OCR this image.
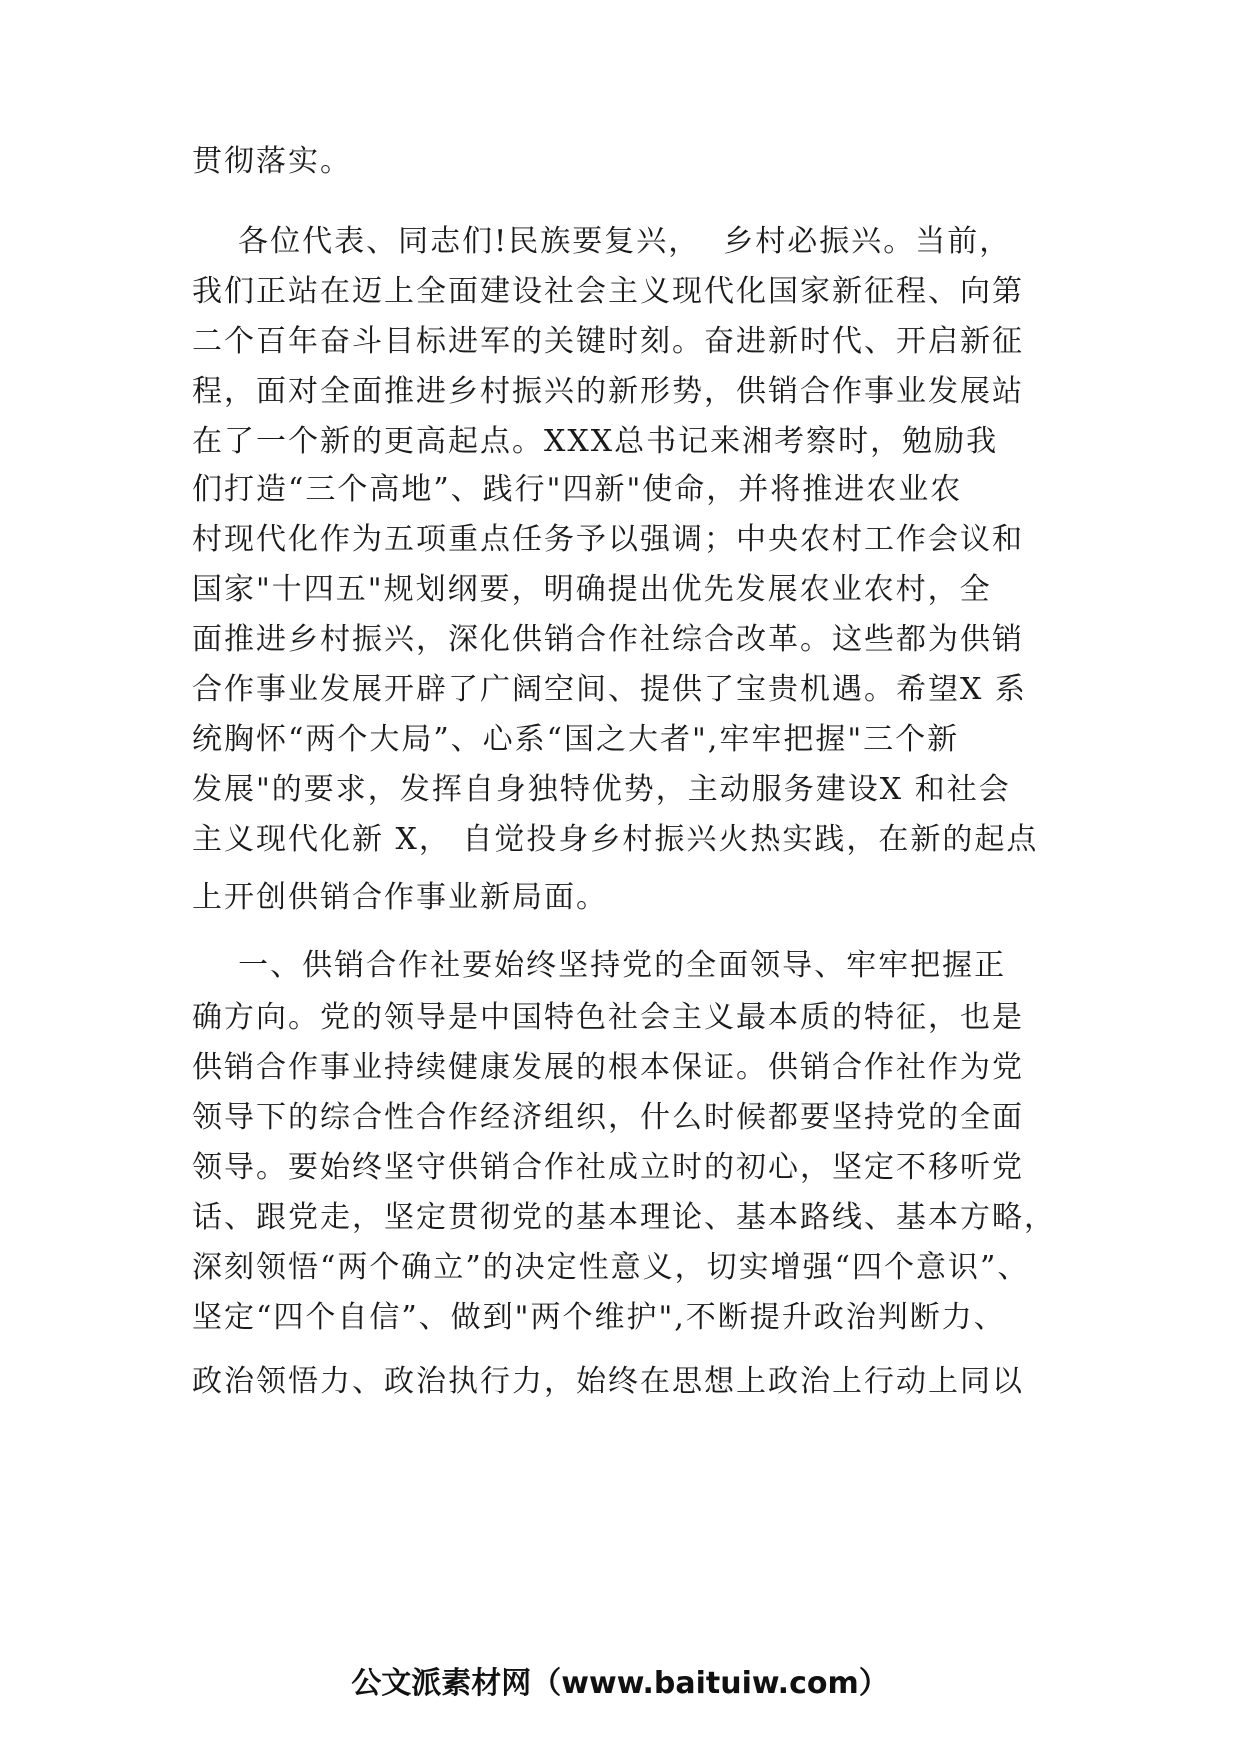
贯彻落实。
各位代表、同志们!民族要复兴，  乡村必振兴。当前，
我们正站在迈上全面建设社会主义现代化国家新征程、向第
二个百年奋斗目标进军的关键时刻。奋进新时代、开启新征
程，面对全面推进乡村振兴的新形势，供销合作事业发展站
在了一个新的更高起点。XXX总书记来湘考察时，勉励我
们打造“三个高地”、践行"四新"使命，并将推进农业农
村现代化作为五项重点任务予以强调；中央农村工作会议和
国家"十四五"规划纲要，明确提出优先发展农业农村，全
面推进乡村振兴，深化供销合作社综合改革。这些都为供销
合作事业发展开辟了广阔空间、提供了宝贵机遇。希望X 系
统胸怀“两个大局”、心系“国之大者",牢牢把握"三个新
发展"的要求，发挥自身独特优势，主动服务建设X 和社会
主义现代化新 X， 自觉投身乡村振兴火热实践，在新的起点
上开创供销合作事业新局面。
一、供销合作社要始终坚持党的全面领导、牢牢把握正
确方向。党的领导是中国特色社会主义最本质的特征，也是
供销合作事业持续健康发展的根本保证。供销合作社作为党
领导下的综合性合作经济组织，什么时候都要坚持党的全面
领导。要始终坚守供销合作社成立时的初心，坚定不移听党
话、跟党走，坚定贯彻党的基本理论、基本路线、基本方略，
深刻领悟“两个确立”的决定性意义，切实增强“四个意识”、
坚定“四个自信”、做到"两个维护",不断提升政治判断力、
政治领悟力、政治执行力，始终在思想上政治上行动上同以
公文派素材网（www.baituiw.com）
